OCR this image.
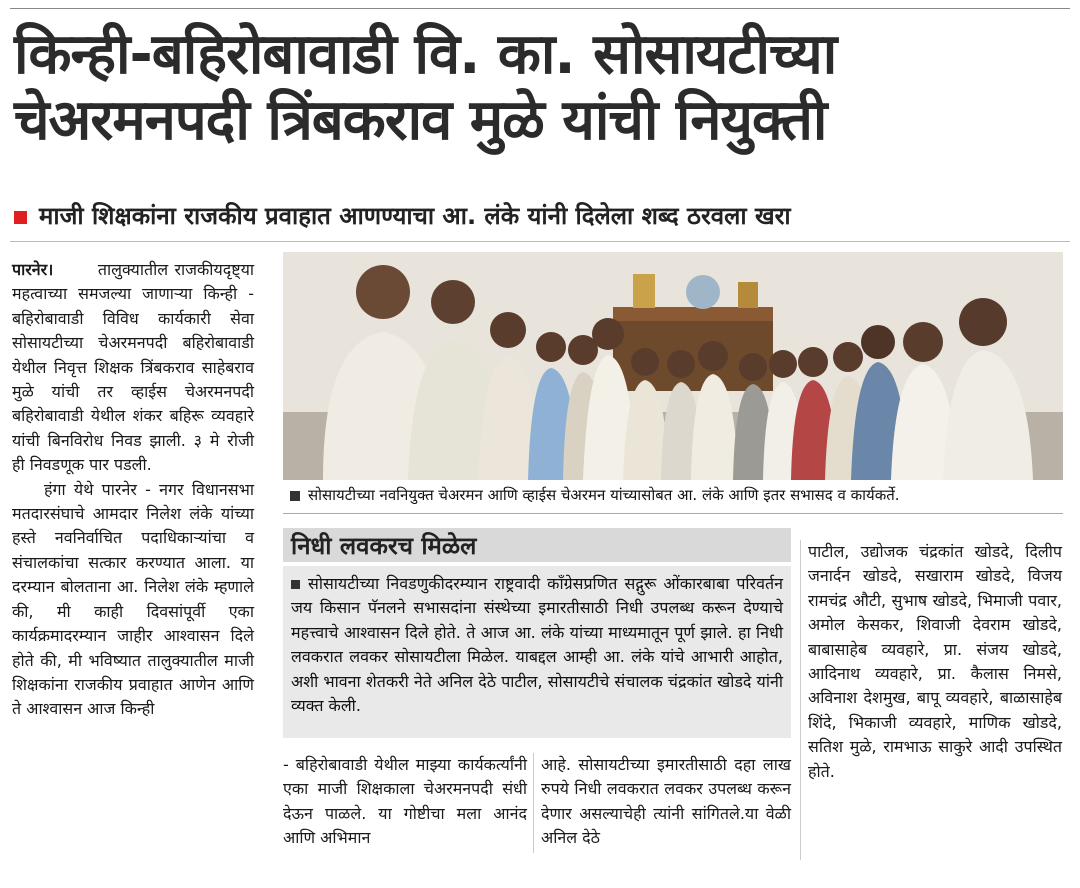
किन्ही-बहिरोबावाडी वि. का. सोसायटीच्या
चेअरमनपदी त्रिंबकराव मुळे यांची नियुक्ती
माजी शिक्षकांना राजकीय प्रवाहात आणण्याचा आ. लंके यांनी दिलेला शब्द ठरवला खरा

पारनेर।	तालुक्यातील राजकीयदृष्ट्या महत्वाच्या समजल्या जाणाऱ्या किन्ही - बहिरोबावाडी विविध कार्यकारी सेवा सोसायटीच्या चेअरमनपदी बहिरोबावाडी येथील निवृत्त शिक्षक त्रिंबकराव साहेबराव मुळे यांची तर व्हाईस चेअरमनपदी बहिरोबावाडी येथील शंकर बहिरू व्यवहारे यांची बिनविरोध निवड झाली. ३ मे रोजी ही निवडणूक पार पडली.

हंगा येथे पारनेर - नगर विधानसभा मतदारसंघाचे आमदार निलेश लंके यांच्या हस्ते नवनिर्वाचित पदाधिकाऱ्यांचा व संचालकांचा सत्कार करण्यात आला. या दरम्यान बोलताना आ. निलेश लंके म्हणाले की, मी काही दिवसांपूर्वी एका कार्यक्रमादरम्यान जाहीर आश्वासन दिले होते की, मी भविष्यात तालुक्यातील माजी शिक्षकांना राजकीय प्रवाहात आणेन आणि ते आश्वासन आज किन्ही

सोसायटीच्या नवनियुक्त चेअरमन आणि व्हाईस चेअरमन यांच्यासोबत आ. लंके आणि इतर सभासद व कार्यकर्ते.
निधी लवकरच मिळेल

सोसायटीच्या निवडणुकीदरम्यान राष्ट्रवादी काँग्रेसप्रणित सद्गुरू ओंकारबाबा परिवर्तन जय किसान पॅनलने सभासदांना संस्थेच्या इमारतीसाठी निधी उपलब्ध करून देण्याचे महत्त्वाचे आश्वासन दिले होते. ते आज आ. लंके यांच्या माध्यमातून पूर्ण झाले. हा निधी लवकरात लवकर सोसायटीला मिळेल. याबद्दल आम्ही आ. लंके यांचे आभारी आहोत, अशी भावना शेतकरी नेते अनिल देठे पाटील, सोसायटीचे संचालक चंद्रकांत खोडदे यांनी व्यक्त केली.

- बहिरोबावाडी येथील माझ्या कार्यकर्त्यांनी एका माजी शिक्षकाला चेअरमनपदी संधी देऊन पाळले. या गोष्टीचा मला आनंद आणि अभिमान

आहे. सोसायटीच्या इमारतीसाठी दहा लाख रुपये निधी लवकरात लवकर उपलब्ध करून देणार असल्याचेही त्यांनी सांगितले.या वेळी अनिल देठे

पाटील, उद्योजक चंद्रकांत खोडदे, दिलीप जनार्दन खोडदे, सखाराम खोडदे, विजय रामचंद्र औटी, सुभाष खोडदे, भिमाजी पवार, अमोल केसकर, शिवाजी देवराम खोडदे, बाबासाहेब व्यवहारे, प्रा. संजय खोडदे, आदिनाथ व्यवहारे, प्रा. कैलास निमसे, अविनाश देशमुख, बापू व्यवहारे, बाळासाहेब शिंदे, भिकाजी व्यवहारे, माणिक खोडदे, सतिश मुळे, रामभाऊ साकुरे आदी उपस्थित होते.
